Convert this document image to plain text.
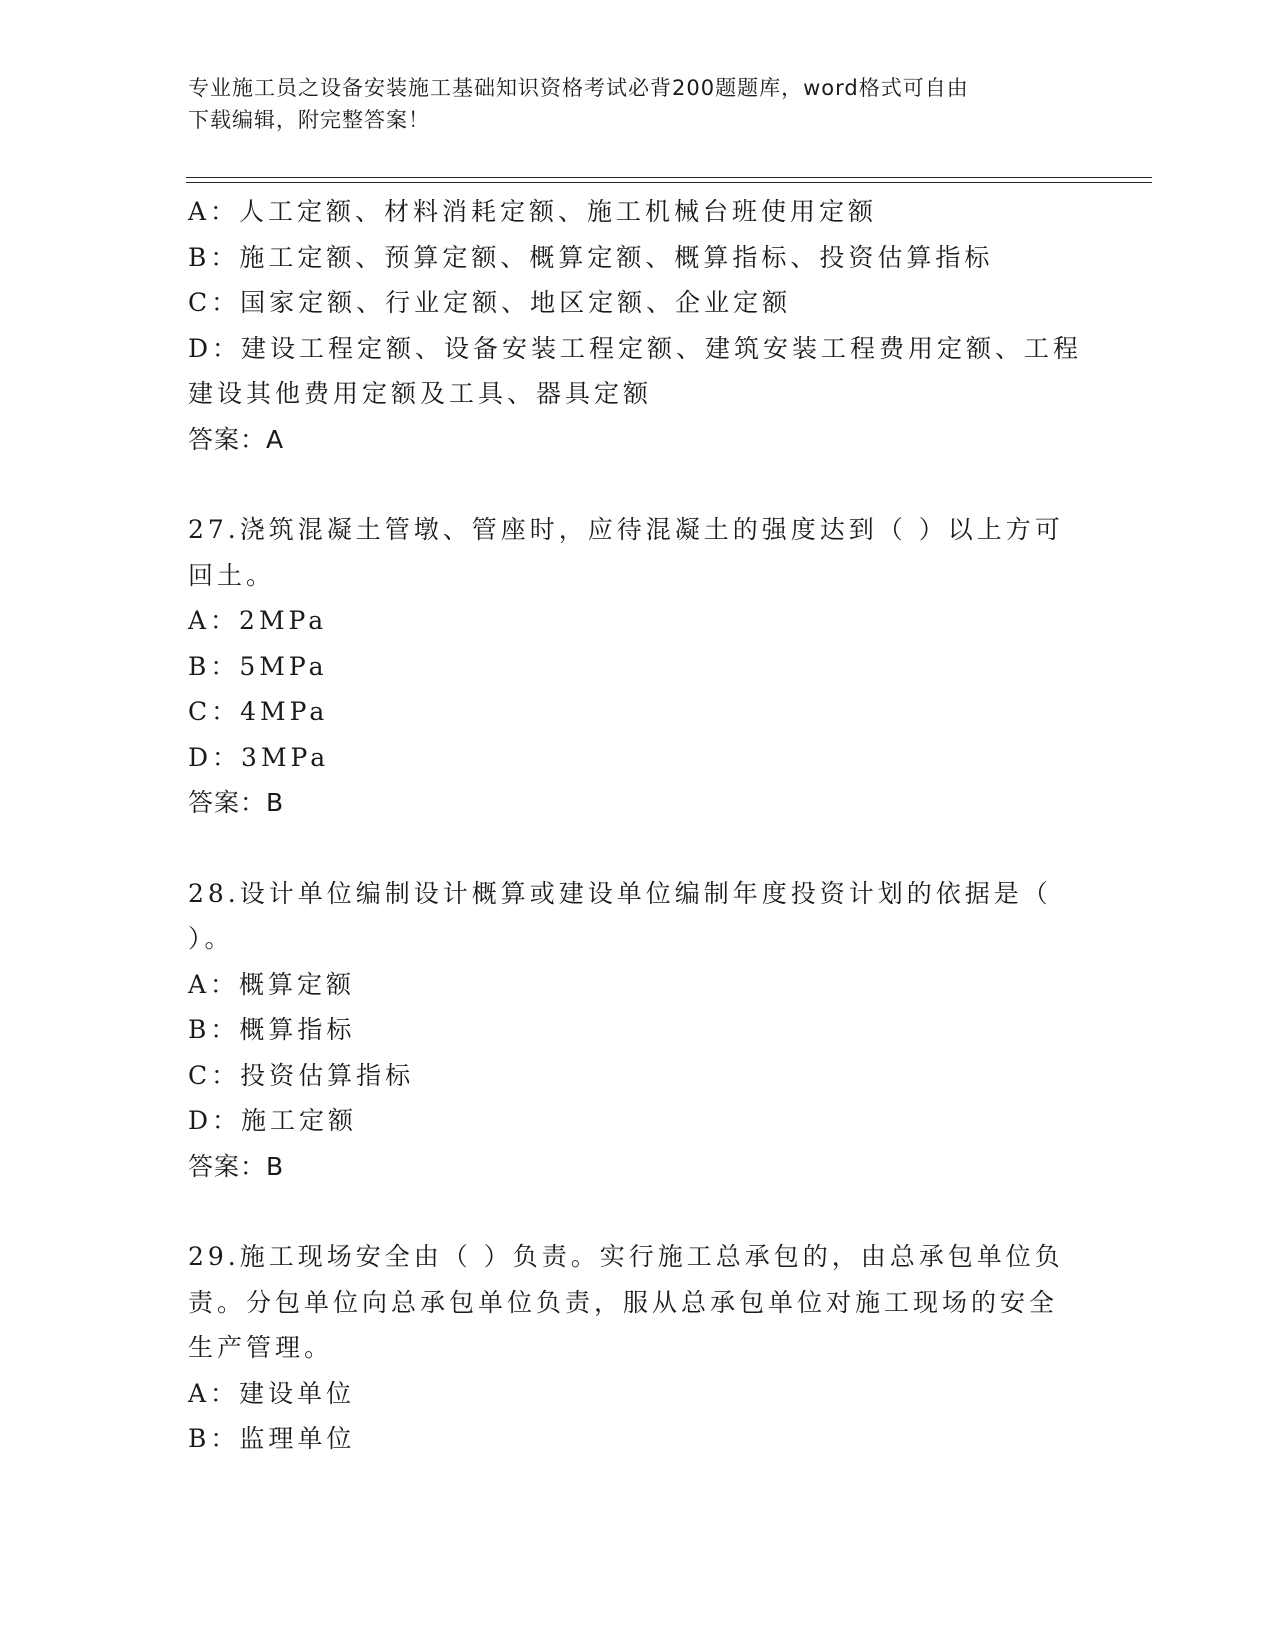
专业施工员之设备安装施工基础知识资格考试必背200题题库，word格式可自由
下载编辑，附完整答案！

A：人工定额、材料消耗定额、施工机械台班使用定额

B：施工定额、预算定额、概算定额、概算指标、投资估算指标

C：国家定额、行业定额、地区定额、企业定额

D：建设工程定额、设备安装工程定额、建筑安装工程费用定额、工程

建设其他费用定额及工具、器具定额

答案：A

27.浇筑混凝土管墩、管座时，应待混凝土的强度达到（ ）以上方可

回土。

A：2MPa

B：5MPa

C：4MPa

D：3MPa

答案：B

28.设计单位编制设计概算或建设单位编制年度投资计划的依据是（

）。

A：概算定额

B：概算指标

C：投资估算指标

D：施工定额

答案：B

29.施工现场安全由（ ）负责。实行施工总承包的，由总承包单位负

责。分包单位向总承包单位负责，服从总承包单位对施工现场的安全

生产管理。

A：建设单位

B：监理单位
